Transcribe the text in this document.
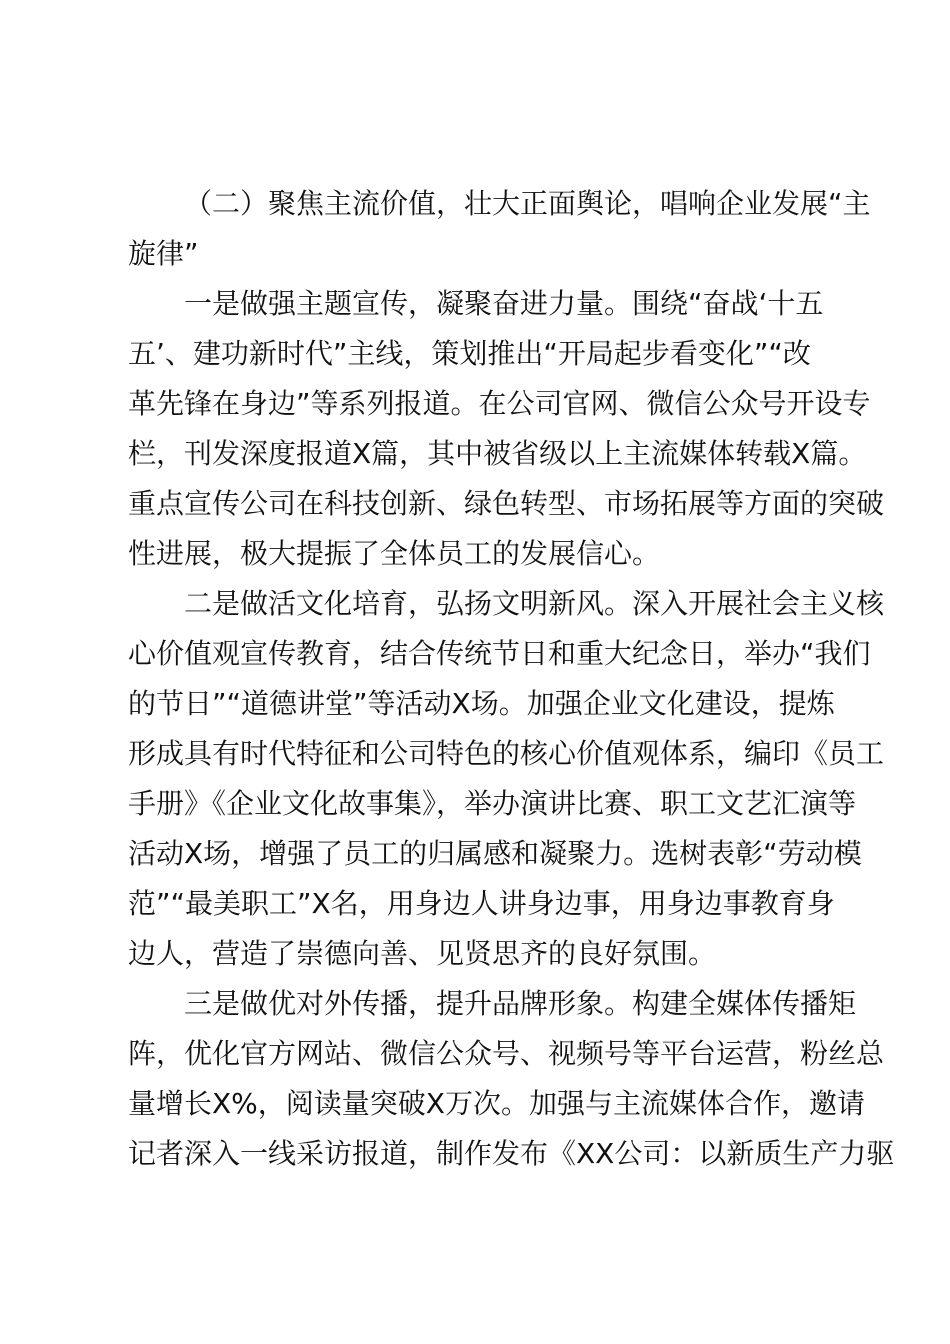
（二）聚焦主流价值，壮大正面舆论，唱响企业发展“主
旋律”
一是做强主题宣传，凝聚奋进力量。围绕“奋战‘十五
五’、建功新时代”主线，策划推出“开局起步看变化”“改
革先锋在身边”等系列报道。在公司官网、微信公众号开设专
栏，刊发深度报道X篇，其中被省级以上主流媒体转载X篇。
重点宣传公司在科技创新、绿色转型、市场拓展等方面的突破
性进展，极大提振了全体员工的发展信心。
二是做活文化培育，弘扬文明新风。深入开展社会主义核
心价值观宣传教育，结合传统节日和重大纪念日，举办“我们
的节日”“道德讲堂”等活动X场。加强企业文化建设，提炼
形成具有时代特征和公司特色的核心价值观体系，编印《员工
手册》《企业文化故事集》，举办演讲比赛、职工文艺汇演等
活动X场，增强了员工的归属感和凝聚力。选树表彰“劳动模
范”“最美职工”X名，用身边人讲身边事，用身边事教育身
边人，营造了崇德向善、见贤思齐的良好氛围。
三是做优对外传播，提升品牌形象。构建全媒体传播矩
阵，优化官方网站、微信公众号、视频号等平台运营，粉丝总
量增长X%，阅读量突破X万次。加强与主流媒体合作，邀请
记者深入一线采访报道，制作发布《XX公司：以新质生产力驱
